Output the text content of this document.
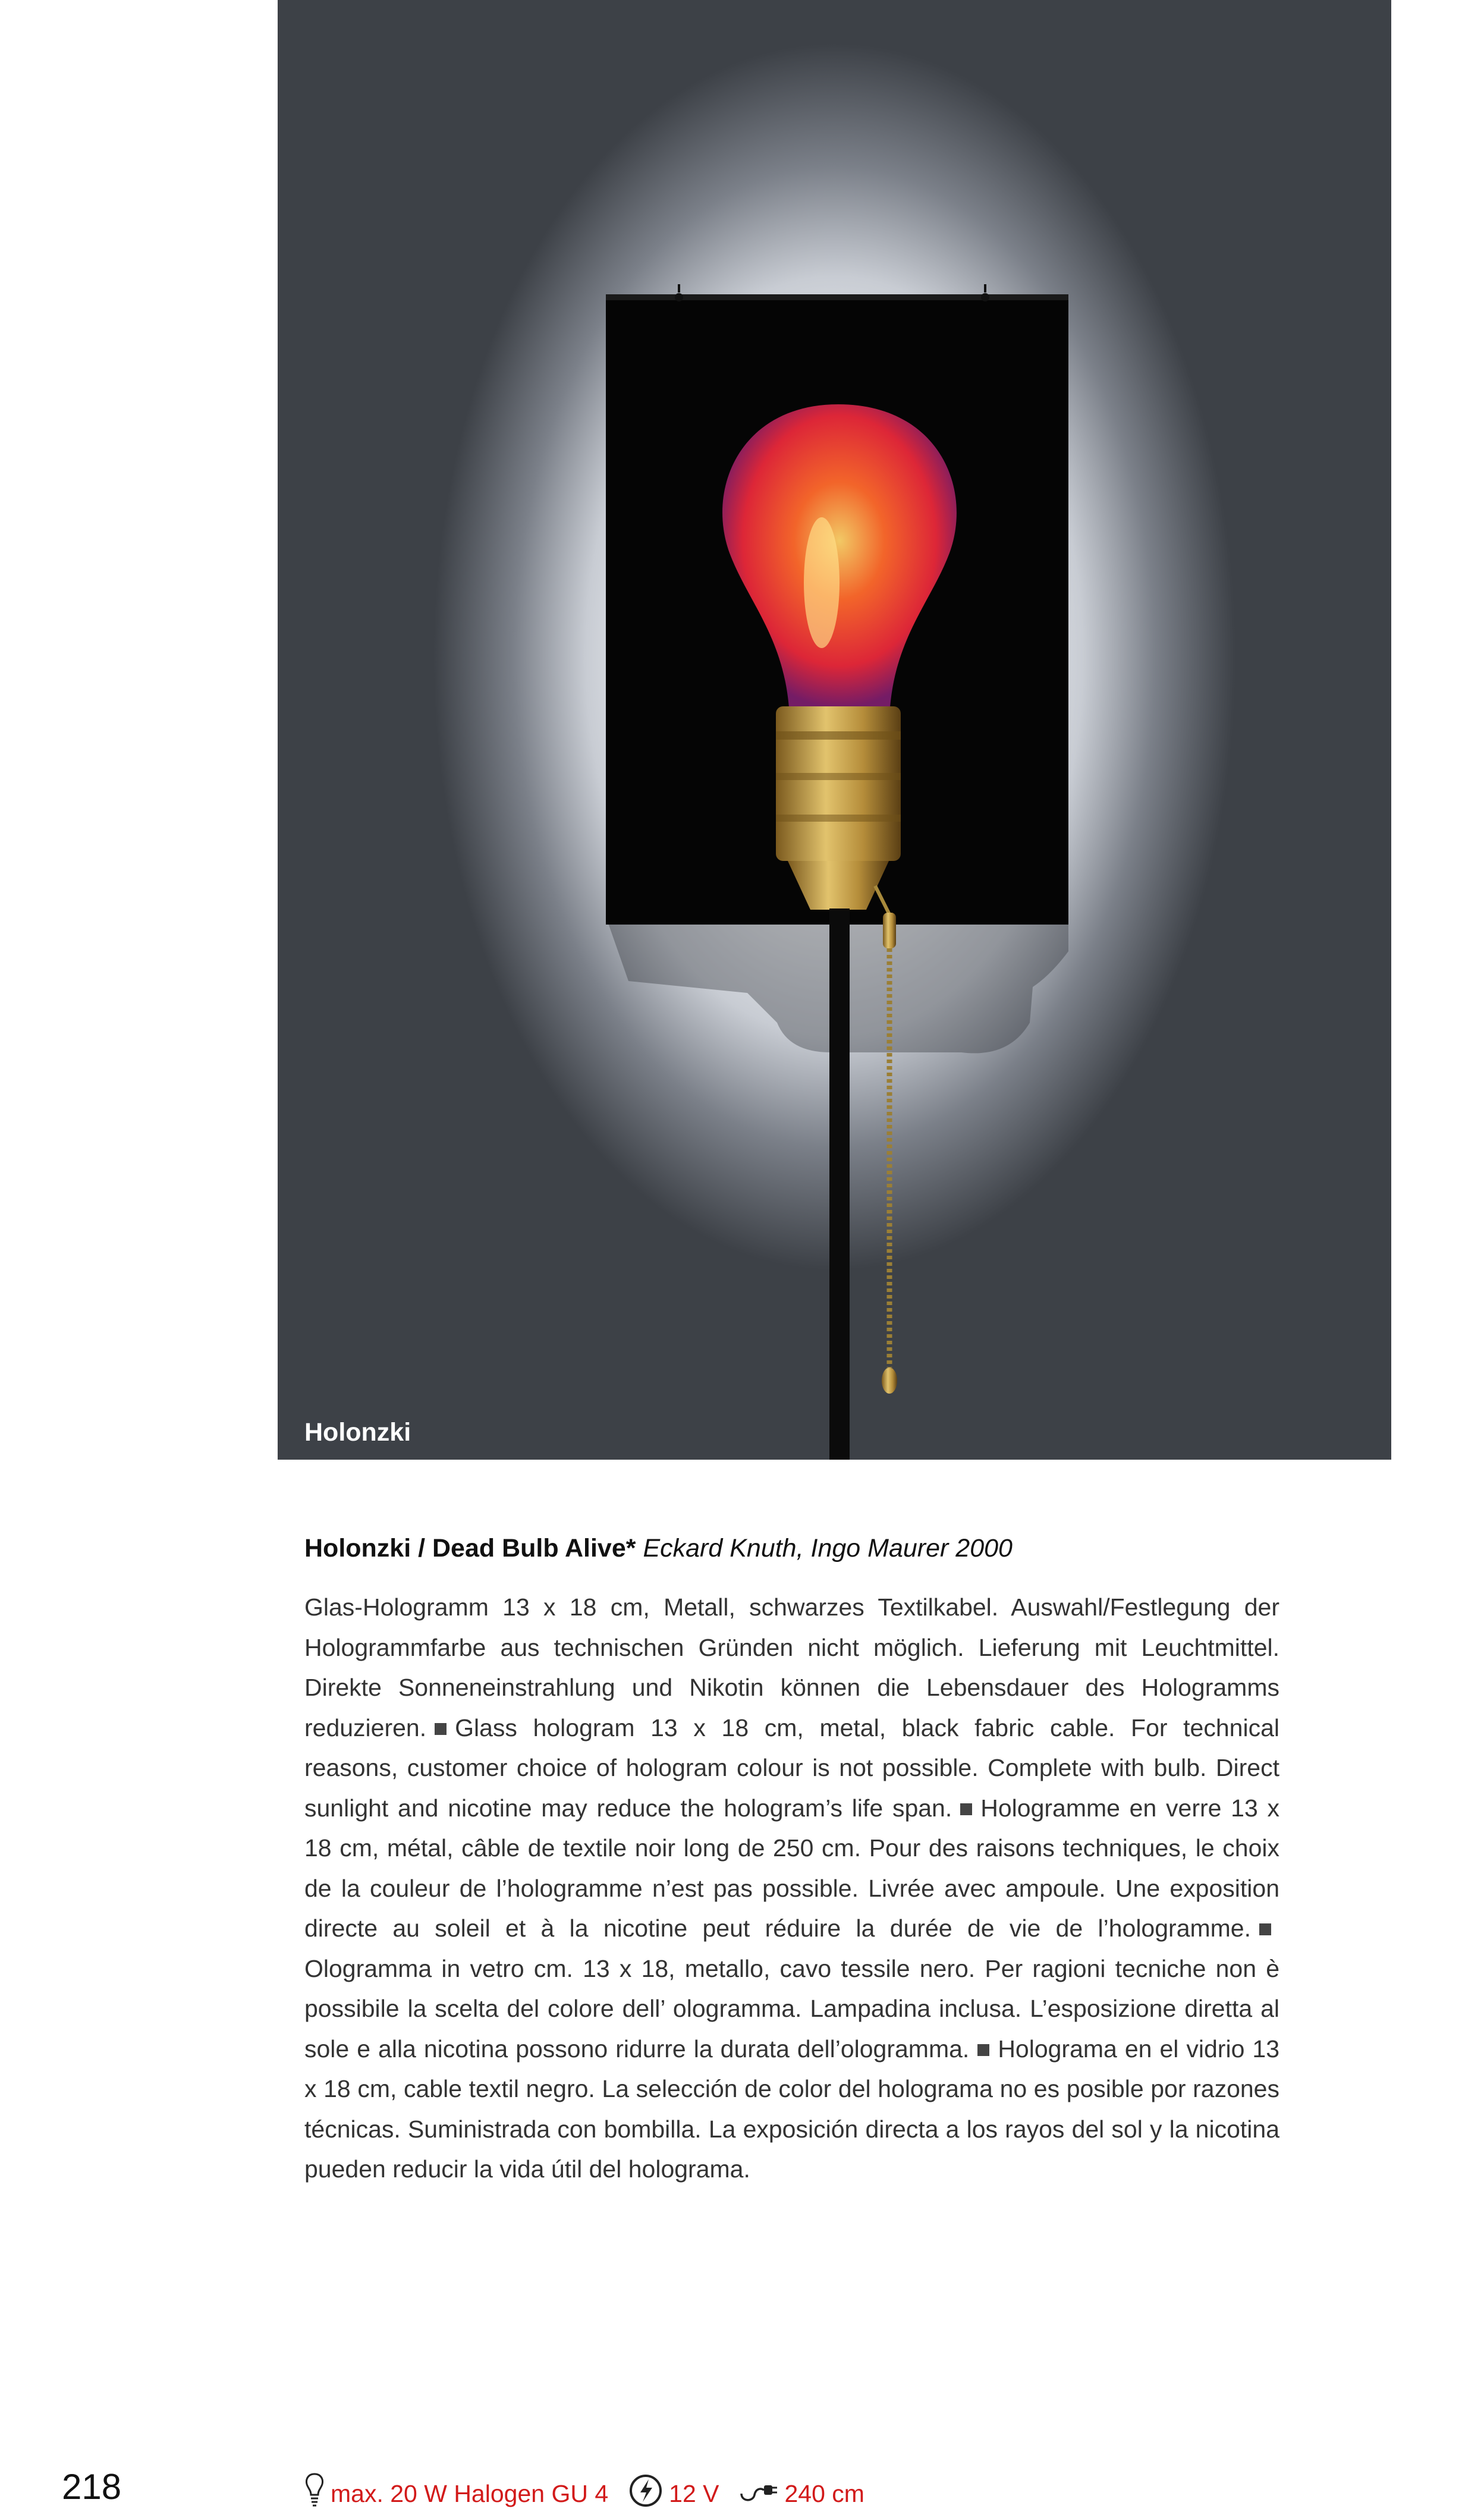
Holonzki
Holonzki / Dead Bulb Alive* Eckard Knuth, Ingo Maurer 2000

Glas-Hologramm 13 x 18 cm, Metall, schwarzes Textilkabel. Auswahl/Festlegung der Hologrammfarbe aus technischen Gründen nicht möglich. Lieferung mit Leuchtmittel. Direkte Sonneneinstrahlung und Nikotin können die Lebensdauer des Hologramms reduzieren. Glass hologram 13 x 18 cm, metal, black fabric cable. For technical reasons, customer choice of hologram colour is not possible. Complete with bulb. Direct sunlight and nicotine may reduce the hologram’s life span. Hologramme en verre 13 x 18 cm, métal, câble de textile noir long de 250 cm. Pour des raisons techniques, le choix de la couleur de l’hologramme n’est pas possible. Livrée avec ampoule. Une exposition directe au soleil et à la nicotine peut réduire la durée de vie de l’hologramme.Ologramma in vetro cm. 13 x 18, metallo, cavo tessile nero. Per ragioni tecniche non è possibile la scelta del colore dell’ ologramma. Lampadina inclusa. L’esposizione diretta al sole e alla nicotina possono ridurre la durata dell’ologramma. Holograma en el vidrio 13 x 18 cm, cable textil negro. La selección de color del holograma no es posible por razones técnicas. Suministrada con bombilla. La exposición directa a los rayos del sol y la nicotina pueden reducir la vida útil del holograma.

218	max. 20 W Halogen GU 4 12 V	240 cm
